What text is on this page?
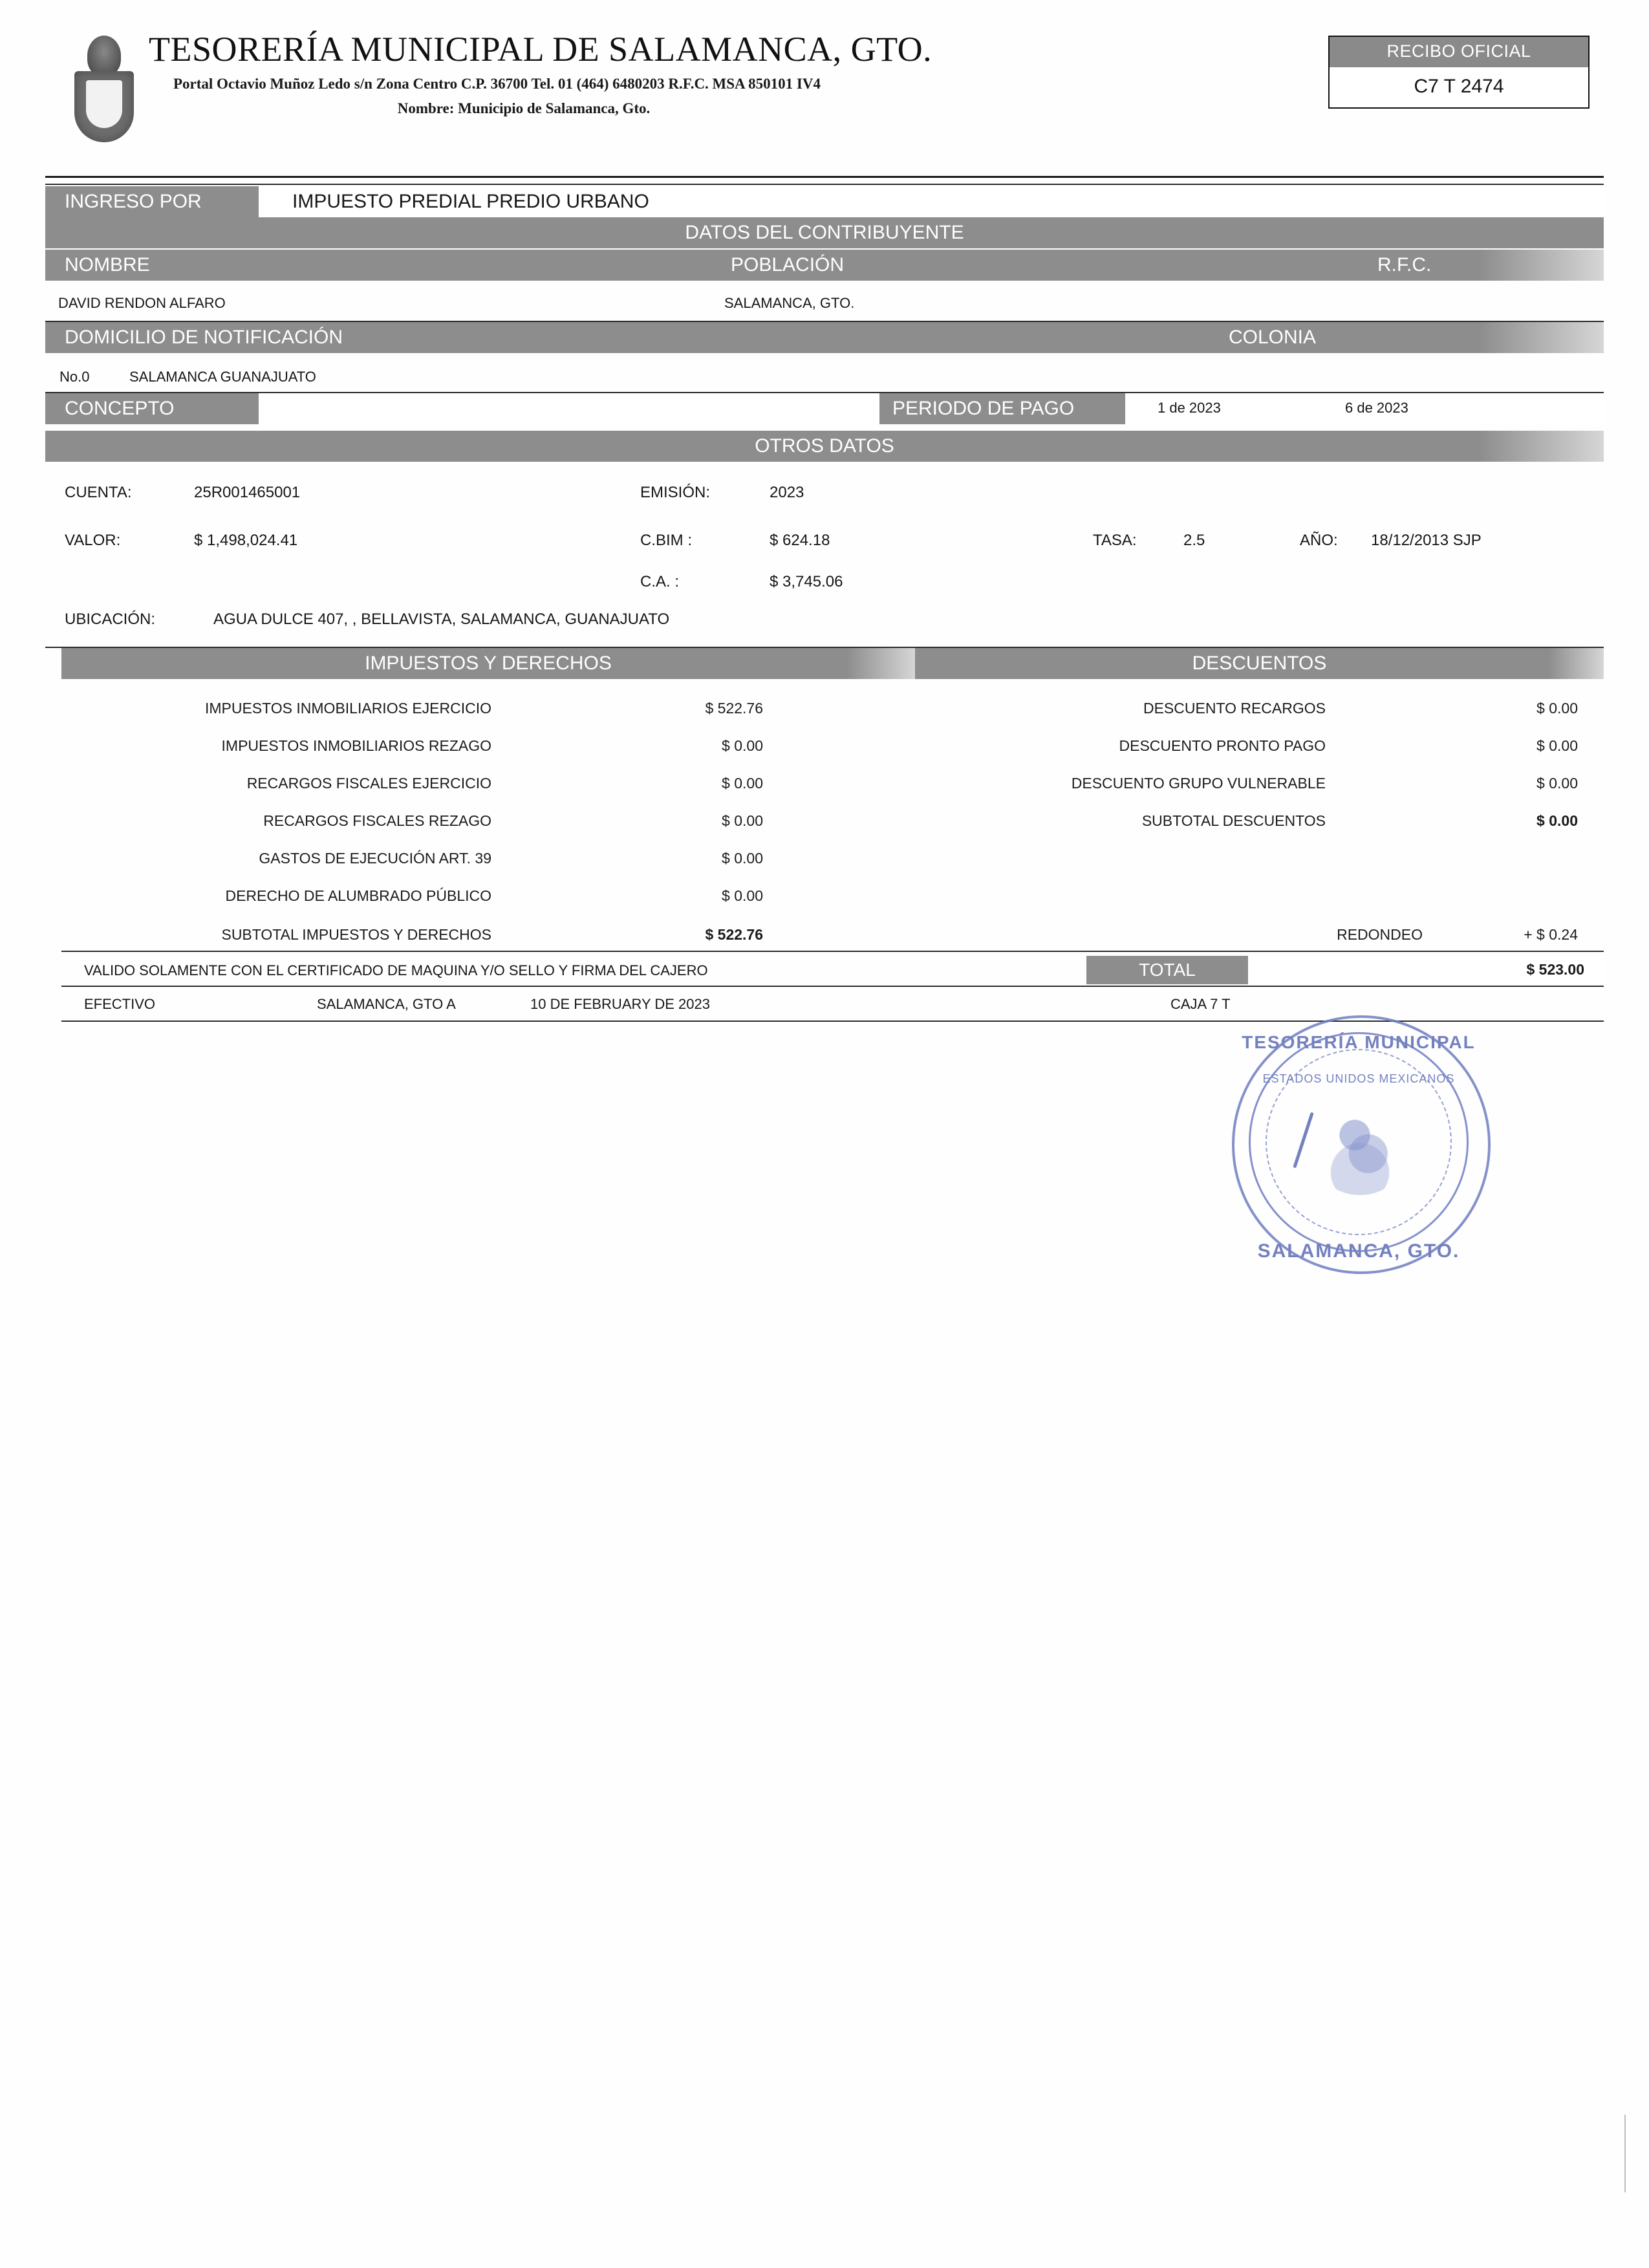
TESORERÍA MUNICIPAL DE SALAMANCA, GTO.
Portal Octavio Muñoz Ledo s/n Zona Centro C.P. 36700 Tel. 01 (464) 6480203 R.F.C. MSA 850101 IV4
Nombre: Municipio de Salamanca, Gto.
RECIBO OFICIAL
C7 T 2474
INGRESO POR	IMPUESTO PREDIAL PREDIO URBANO
DATOS DEL CONTRIBUYENTE
NOMBRE	POBLACIÓN	R.F.C.
DAVID RENDON ALFARO	SALAMANCA, GTO.
DOMICILIO DE NOTIFICACIÓN	COLONIA
No.0	SALAMANCA GUANAJUATO
CONCEPTO	PERIODO DE PAGO	1 de 2023	6 de 2023
OTROS DATOS
CUENTA:	25R001465001	EMISIÓN:	2023
VALOR:	$ 1,498,024.41	C.BIM :	$ 624.18	TASA:	2.5	AÑO: 18/12/2013 SJP
C.A. :	$ 3,745.06
UBICACIÓN:	AGUA DULCE 407, , BELLAVISTA, SALAMANCA, GUANAJUATO
IMPUESTOS Y DERECHOS	DESCUENTOS
IMPUESTOS INMOBILIARIOS EJERCICIO	$ 522.76
IMPUESTOS INMOBILIARIOS REZAGO	$ 0.00
RECARGOS FISCALES EJERCICIO	$ 0.00
RECARGOS FISCALES REZAGO	$ 0.00
GASTOS DE EJECUCIÓN ART. 39	$ 0.00
DERECHO DE ALUMBRADO PÚBLICO	$ 0.00
SUBTOTAL IMPUESTOS Y DERECHOS	$ 522.76
DESCUENTO RECARGOS	$ 0.00
DESCUENTO PRONTO PAGO	$ 0.00
DESCUENTO GRUPO VULNERABLE	$ 0.00
SUBTOTAL DESCUENTOS	$ 0.00
REDONDEO	+ $ 0.24
VALIDO SOLAMENTE CON EL CERTIFICADO DE MAQUINA Y/O SELLO Y FIRMA DEL CAJERO	TOTAL	$ 523.00
EFECTIVO	SALAMANCA, GTO A	10 DE FEBRUARY DE 2023	CAJA 7 T
TESORERÍA MUNICIPAL
ESTADOS UNIDOS MEXICANOS
SALAMANCA, GTO.
